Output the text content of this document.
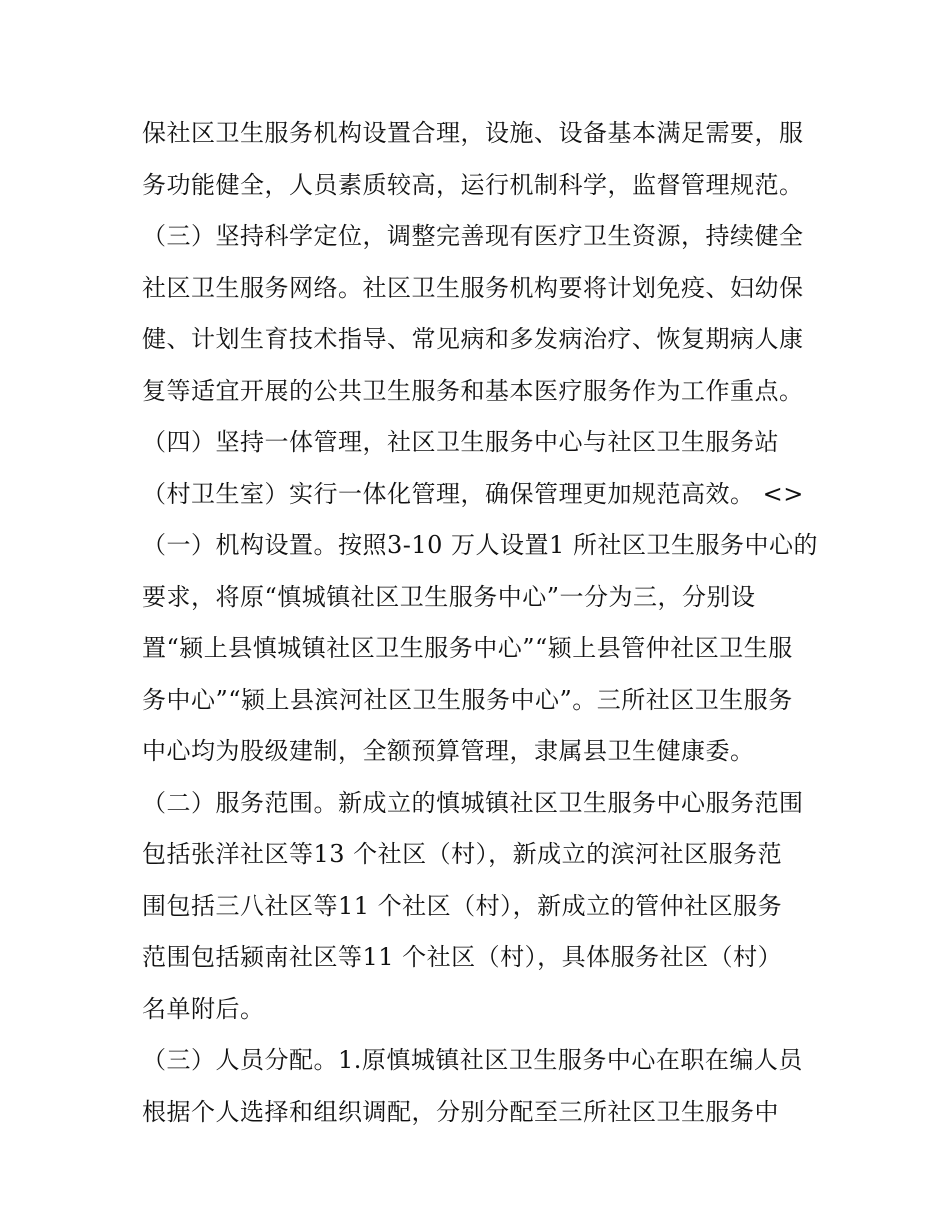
保社区卫生服务机构设置合理，设施、设备基本满足需要，服
务功能健全，人员素质较高，运行机制科学，监督管理规范。
（三）坚持科学定位，调整完善现有医疗卫生资源，持续健全
社区卫生服务网络。社区卫生服务机构要将计划免疫、妇幼保
健、计划生育技术指导、常见病和多发病治疗、恢复期病人康
复等适宜开展的公共卫生服务和基本医疗服务作为工作重点。
（四）坚持一体管理，社区卫生服务中心与社区卫生服务站
（村卫生室）实行一体化管理，确保管理更加规范高效。 <>
（一）机构设置。按照3-10 万人设置1 所社区卫生服务中心的
要求，将原“慎城镇社区卫生服务中心”一分为三，分别设
置“颍上县慎城镇社区卫生服务中心”“颍上县管仲社区卫生服
务中心”“颍上县滨河社区卫生服务中心”。三所社区卫生服务
中心均为股级建制，全额预算管理，隶属县卫生健康委。
（二）服务范围。新成立的慎城镇社区卫生服务中心服务范围
包括张洋社区等13 个社区（村），新成立的滨河社区服务范
围包括三八社区等11 个社区（村），新成立的管仲社区服务
范围包括颍南社区等11 个社区（村），具体服务社区（村）
名单附后。
（三）人员分配。1.原慎城镇社区卫生服务中心在职在编人员
根据个人选择和组织调配，分别分配至三所社区卫生服务中
